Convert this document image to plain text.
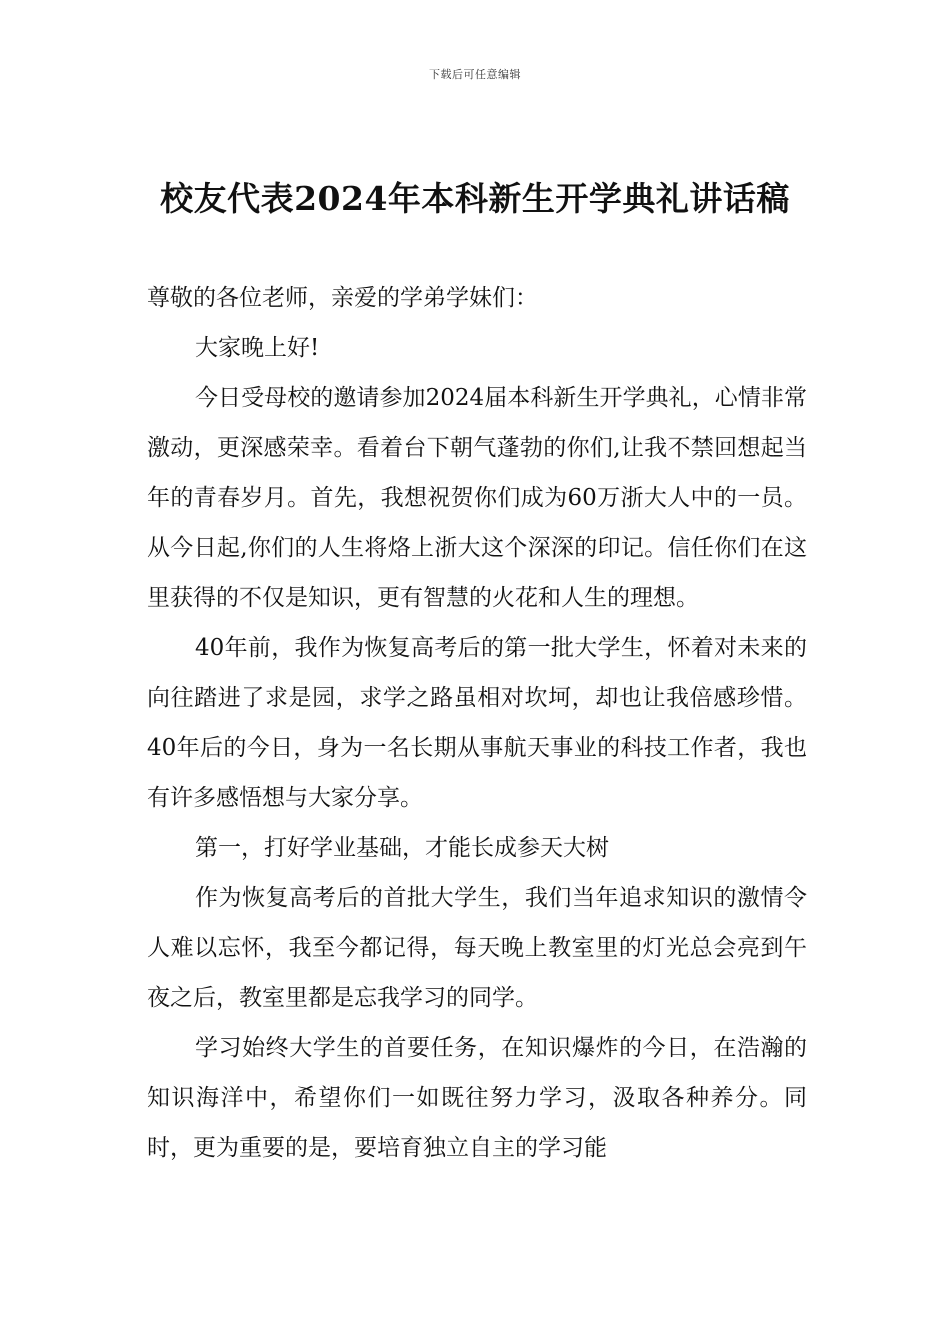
下载后可任意编辑
校友代表2024年本科新生开学典礼讲话稿

尊敬的各位老师，亲爱的学弟学妹们：

大家晚上好!

今日受母校的邀请参加2024届本科新生开学典礼，心情非常激动，更深感荣幸。看着台下朝气蓬勃的你们,让我不禁回想起当年的青春岁月。首先，我想祝贺你们成为60万浙大人中的一员。从今日起,你们的人生将烙上浙大这个深深的印记。信任你们在这里获得的不仅是知识，更有智慧的火花和人生的理想。

40年前，我作为恢复高考后的第一批大学生，怀着对未来的向往踏进了求是园，求学之路虽相对坎坷，却也让我倍感珍惜。40年后的今日，身为一名长期从事航天事业的科技工作者，我也有许多感悟想与大家分享。

第一，打好学业基础，才能长成参天大树

作为恢复高考后的首批大学生，我们当年追求知识的激情令人难以忘怀，我至今都记得，每天晚上教室里的灯光总会亮到午夜之后，教室里都是忘我学习的同学。

学习始终大学生的首要任务，在知识爆炸的今日，在浩瀚的知识海洋中，希望你们一如既往努力学习，汲取各种养分。同时，更为重要的是，要培育独立自主的学习能
